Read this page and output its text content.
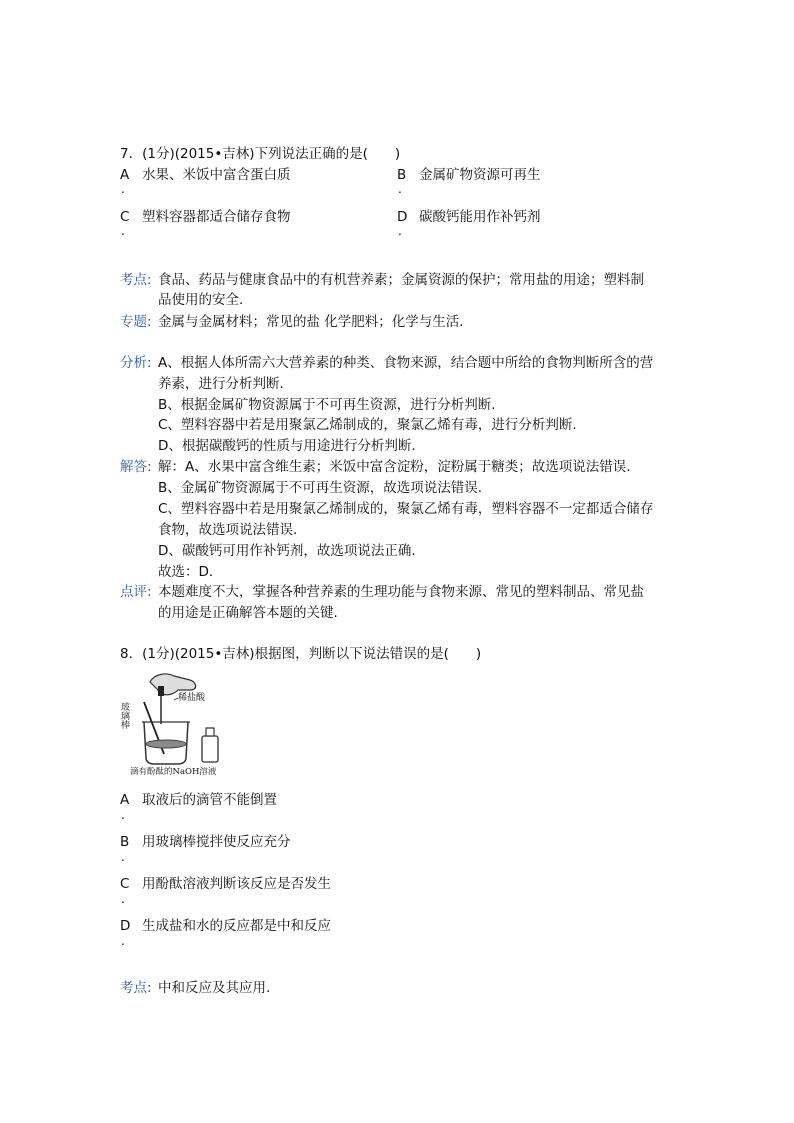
7．(1分)(2015•吉林)下列说法正确的是(　　)
A 水果、米饭中富含蛋白质
.
B 金属矿物资源可再生
.
C 塑料容器都适合储存食物
.
D 碳酸钙能用作补钙剂
.
考点: 食品、药品与健康食品中的有机营养素；金属资源的保护；常用盐的用途；塑料制
品使用的安全.
专题: 金属与金属材料；常见的盐 化学肥料；化学与生活.
分析: A、根据人体所需六大营养素的种类、食物来源，结合题中所给的食物判断所含的营
养素，进行分析判断.
B、根据金属矿物资源属于不可再生资源，进行分析判断.
C、塑料容器中若是用聚氯乙烯制成的，聚氯乙烯有毒，进行分析判断.
D、根据碳酸钙的性质与用途进行分析判断.
解答: 解：A、水果中富含维生素；米饭中富含淀粉，淀粉属于糖类；故选项说法错误.
B、金属矿物资源属于不可再生资源，故选项说法错误.
C、塑料容器中若是用聚氯乙烯制成的，聚氯乙烯有毒，塑料容器不一定都适合储存
食物，故选项说法错误.
D、碳酸钙可用作补钙剂，故选项说法正确.
故选：D.
点评: 本题难度不大，掌握各种营养素的生理功能与食物来源、常见的塑料制品、常见盐
的用途是正确解答本题的关键.
8．(1分)(2015•吉林)根据图，判断以下说法错误的是(　　)
玻璃棒
稀盐酸
滴有酚酞的NaOH溶液
A 取液后的滴管不能倒置
.
B 用玻璃棒搅拌使反应充分
.
C 用酚酞溶液判断该反应是否发生
.
D 生成盐和水的反应都是中和反应
.
考点: 中和反应及其应用.
